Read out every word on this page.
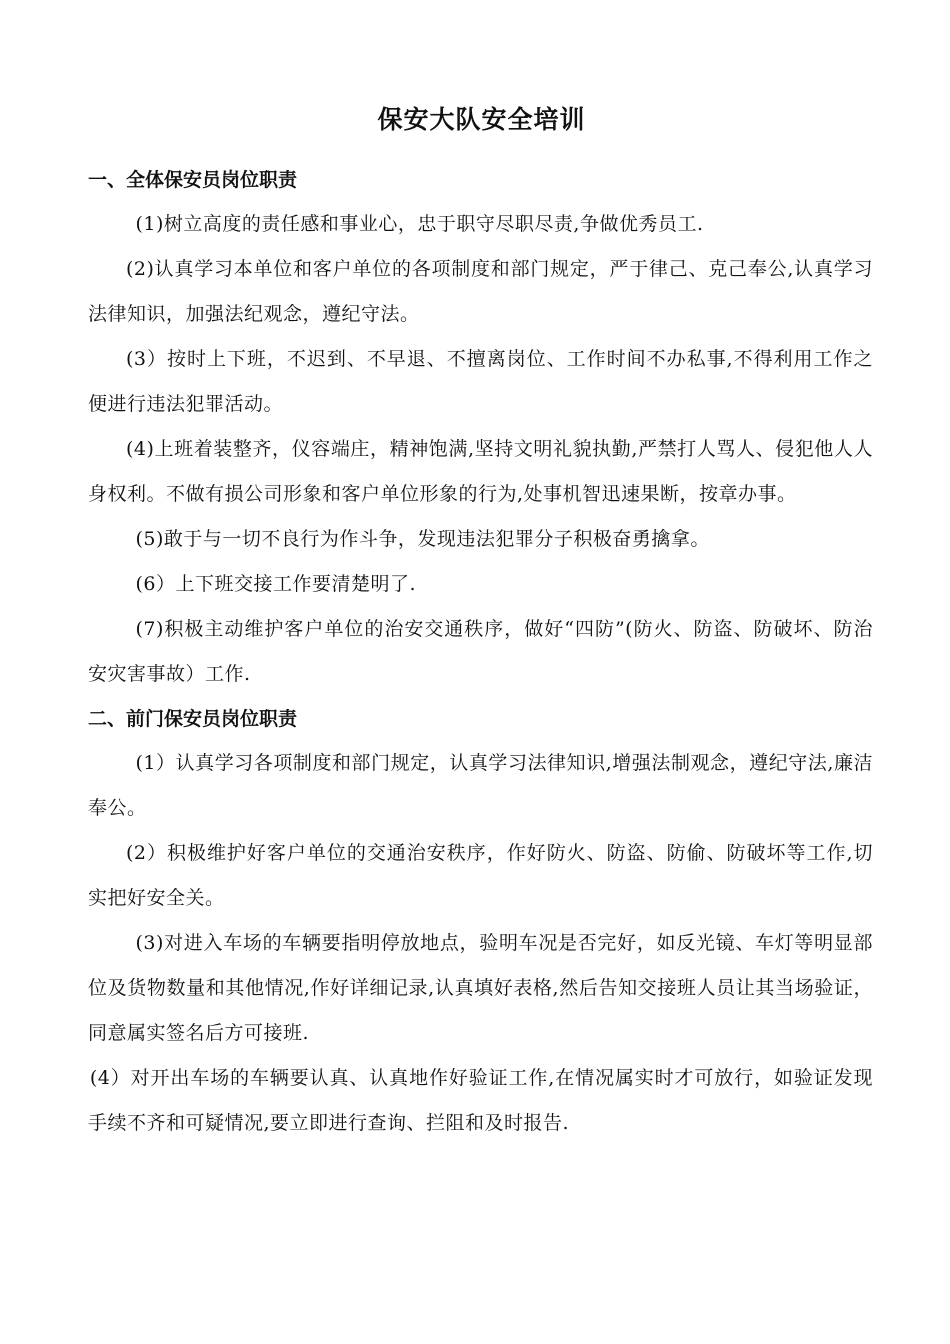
保安大队安全培训
一、全体保安员岗位职责

(1)树立高度的责任感和事业心，忠于职守尽职尽责,争做优秀员工.

(2)认真学习本单位和客户单位的各项制度和部门规定，严于律己、克己奉公,认真学习法律知识，加强法纪观念，遵纪守法。

(3）按时上下班，不迟到、不早退、不擅离岗位、工作时间不办私事,不得利用工作之便进行违法犯罪活动。

(4)上班着装整齐，仪容端庄，精神饱满,坚持文明礼貌执勤,严禁打人骂人、侵犯他人人身权利。不做有损公司形象和客户单位形象的行为,处事机智迅速果断，按章办事。

(5)敢于与一切不良行为作斗争，发现违法犯罪分子积极奋勇擒拿。

(6）上下班交接工作要清楚明了.

(7)积极主动维护客户单位的治安交通秩序，做好“四防”(防火、防盗、防破坏、防治安灾害事故）工作.

二、前门保安员岗位职责

(1）认真学习各项制度和部门规定，认真学习法律知识,增强法制观念，遵纪守法,廉洁奉公。

(2）积极维护好客户单位的交通治安秩序，作好防火、防盗、防偷、防破坏等工作,切实把好安全关。

(3)对进入车场的车辆要指明停放地点，验明车况是否完好，如反光镜、车灯等明显部位及货物数量和其他情况,作好详细记录,认真填好表格,然后告知交接班人员让其当场验证，同意属实签名后方可接班.

(4）对开出车场的车辆要认真、认真地作好验证工作,在情况属实时才可放行，如验证发现手续不齐和可疑情况,要立即进行查询、拦阻和及时报告.
